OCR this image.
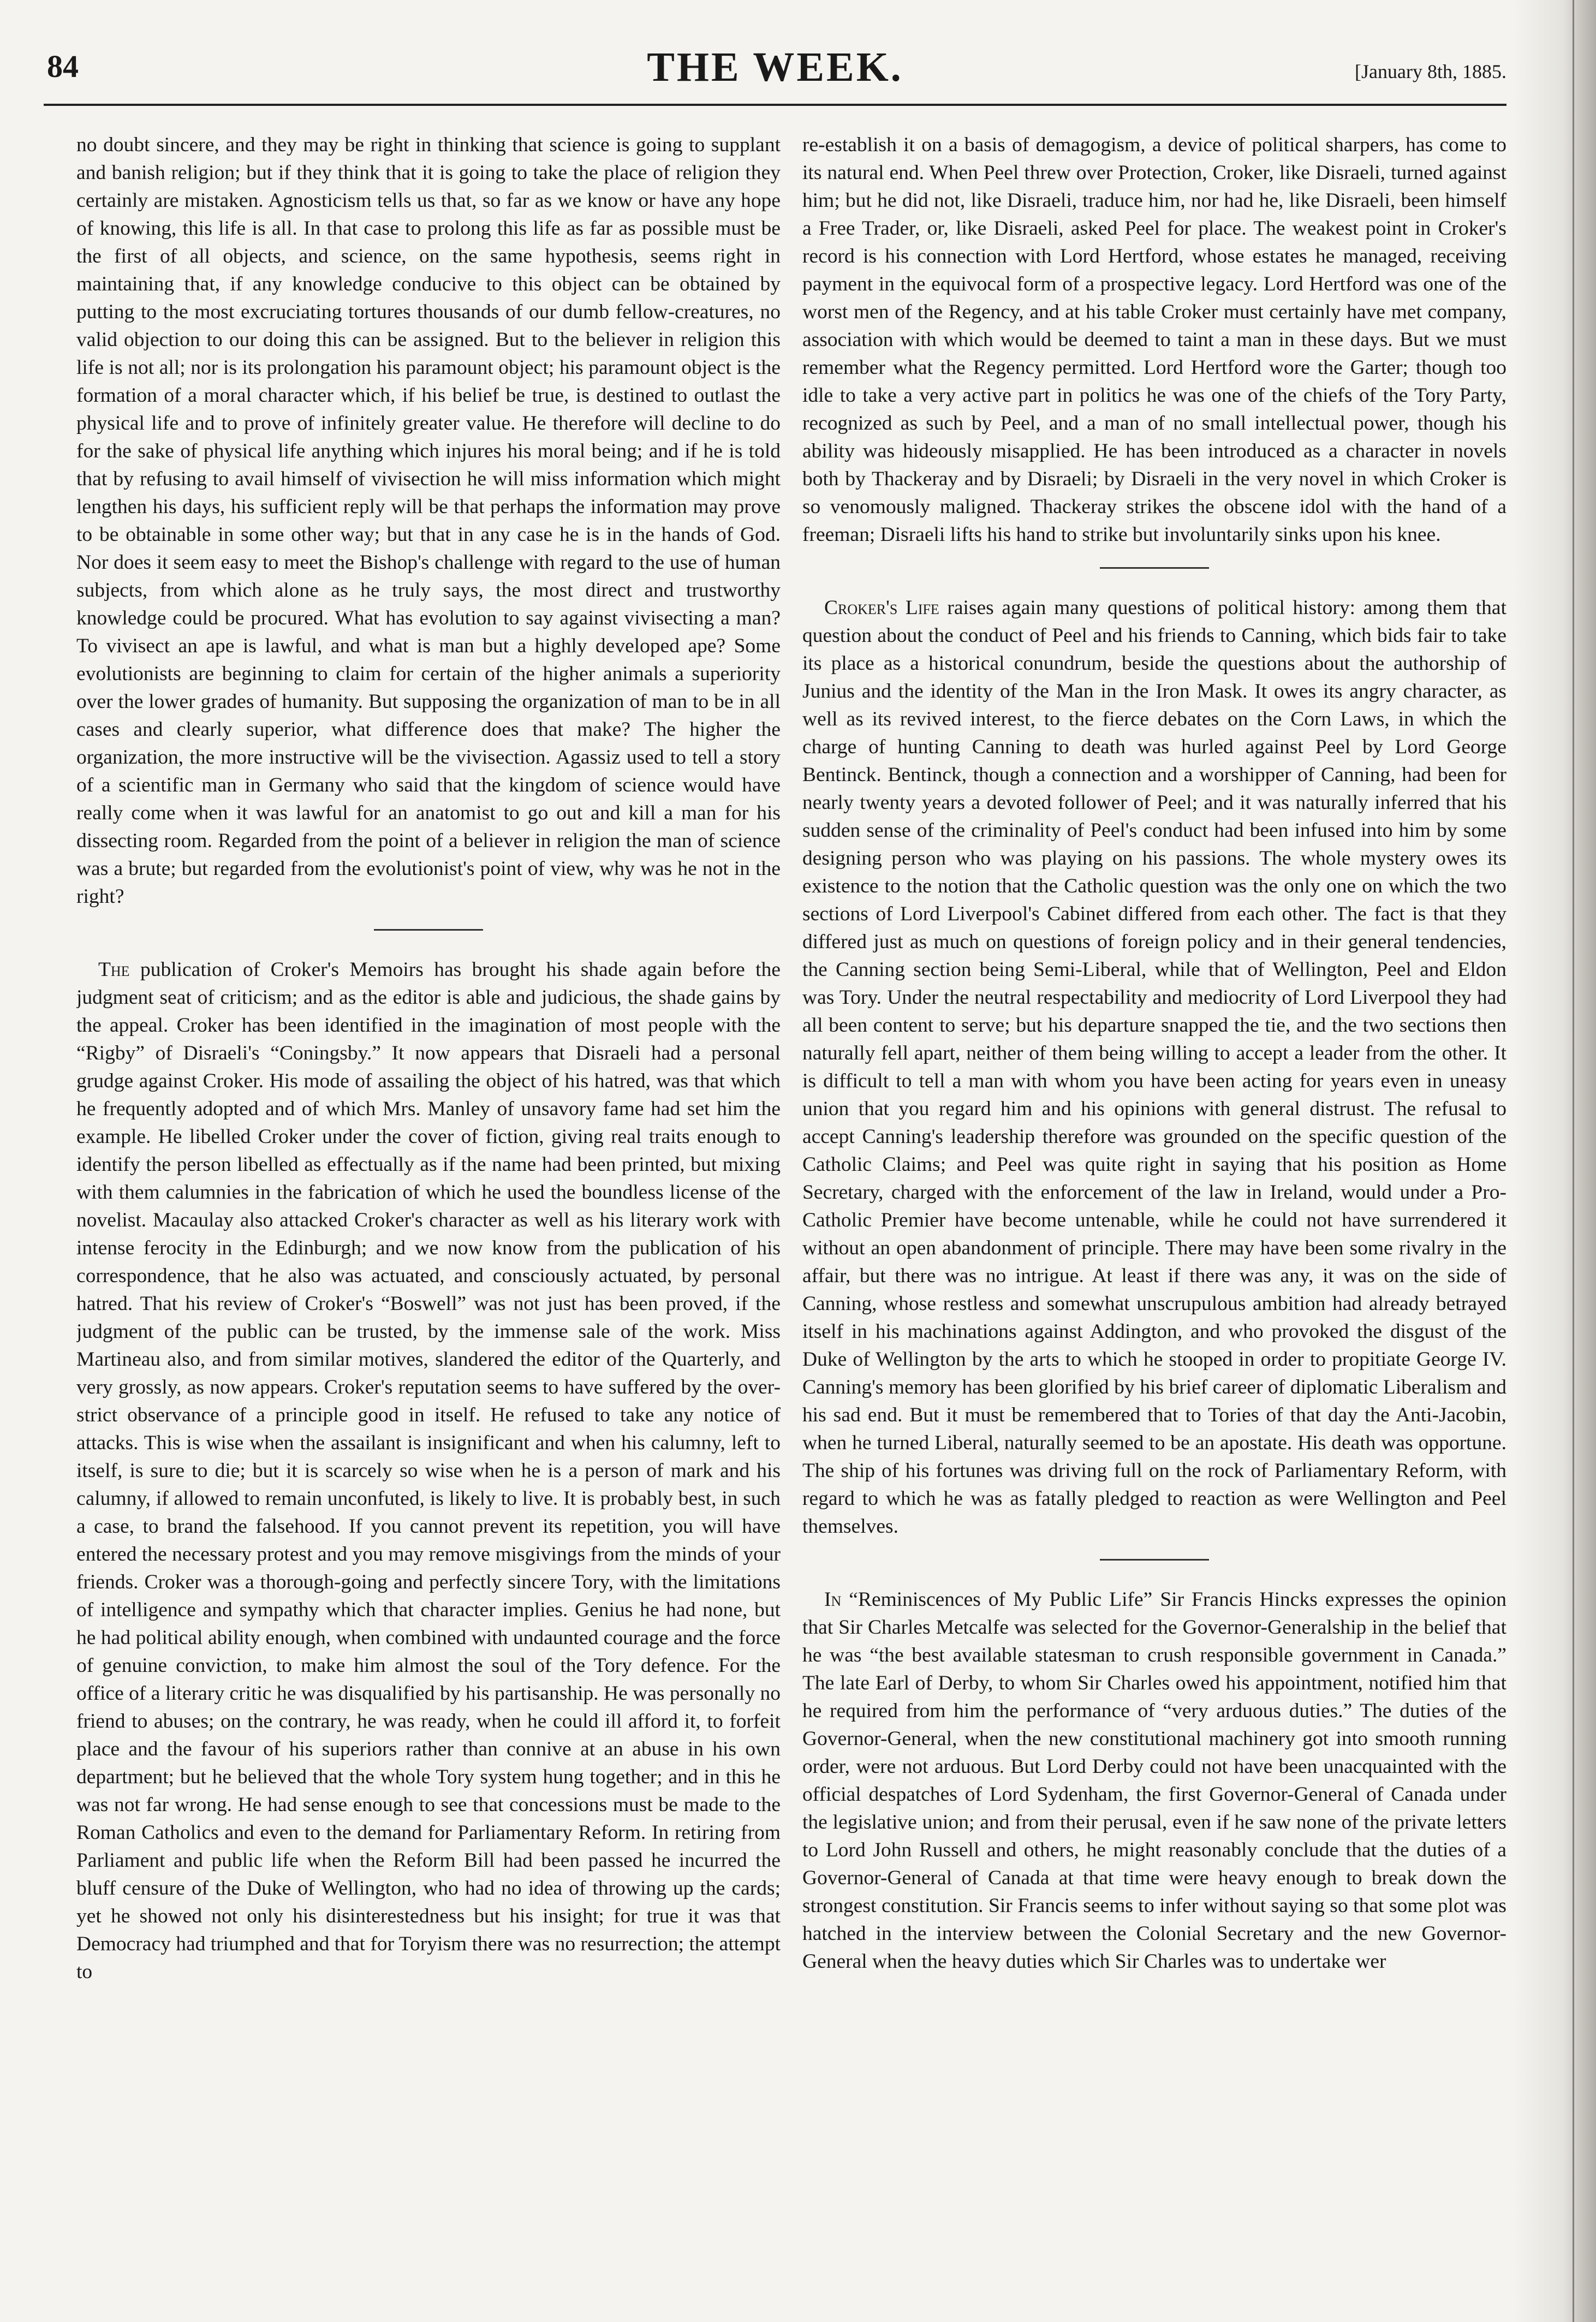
84	THE WEEK.	[January 8th, 1885.

no doubt sincere, and they may be right in thinking that science is going to supplant and banish religion; but if they think that it is going to take the place of religion they certainly are mistaken. Agnosticism tells us that, so far as we know or have any hope of knowing, this life is all. In that case to prolong this life as far as possible must be the first of all objects, and science, on the same hypothesis, seems right in maintaining that, if any knowledge conducive to this object can be obtained by putting to the most excruciating tortures thousands of our dumb fellow-creatures, no valid objection to our doing this can be assigned. But to the believer in religion this life is not all; nor is its prolongation his paramount object; his paramount object is the formation of a moral character which, if his belief be true, is destined to outlast the physical life and to prove of infinitely greater value. He therefore will decline to do for the sake of physical life anything which injures his moral being; and if he is told that by refusing to avail himself of vivisection he will miss information which might lengthen his days, his sufficient reply will be that perhaps the information may prove to be obtainable in some other way; but that in any case he is in the hands of God. Nor does it seem easy to meet the Bishop's challenge with regard to the use of human subjects, from which alone as he truly says, the most direct and trustworthy knowledge could be procured. What has evolution to say against vivisecting a man? To vivisect an ape is lawful, and what is man but a highly developed ape? Some evolutionists are beginning to claim for certain of the higher animals a superiority over the lower grades of humanity. But supposing the organization of man to be in all cases and clearly superior, what difference does that make? The higher the organization, the more instructive will be the vivisection. Agassiz used to tell a story of a scientific man in Germany who said that the kingdom of science would have really come when it was lawful for an anatomist to go out and kill a man for his dissecting room. Regarded from the point of a believer in religion the man of science was a brute; but regarded from the evolutionist's point of view, why was he not in the right?

The publication of Croker's Memoirs has brought his shade again before the judgment seat of criticism; and as the editor is able and judicious, the shade gains by the appeal. Croker has been identified in the imagination of most people with the “Rigby” of Disraeli's “Coningsby.” It now appears that Disraeli had a personal grudge against Croker. His mode of assailing the object of his hatred, was that which he frequently adopted and of which Mrs. Manley of unsavory fame had set him the example. He libelled Croker under the cover of fiction, giving real traits enough to identify the person libelled as effectually as if the name had been printed, but mixing with them calumnies in the fabrication of which he used the boundless license of the novelist. Macaulay also attacked Croker's character as well as his literary work with intense ferocity in the Edinburgh; and we now know from the publication of his correspondence, that he also was actuated, and consciously actuated, by personal hatred. That his review of Croker's “Boswell” was not just has been proved, if the judgment of the public can be trusted, by the immense sale of the work. Miss Martineau also, and from similar motives, slandered the editor of the Quarterly, and very grossly, as now appears. Croker's reputation seems to have suffered by the over-strict observance of a principle good in itself. He refused to take any notice of attacks. This is wise when the assailant is insignificant and when his calumny, left to itself, is sure to die; but it is scarcely so wise when he is a person of mark and his calumny, if allowed to remain unconfuted, is likely to live. It is probably best, in such a case, to brand the falsehood. If you cannot prevent its repetition, you will have entered the necessary protest and you may remove misgivings from the minds of your friends. Croker was a thorough-going and perfectly sincere Tory, with the limitations of intelligence and sympathy which that character implies. Genius he had none, but he had political ability enough, when combined with undaunted courage and the force of genuine conviction, to make him almost the soul of the Tory defence. For the office of a literary critic he was disqualified by his partisanship. He was personally no friend to abuses; on the contrary, he was ready, when he could ill afford it, to forfeit place and the favour of his superiors rather than connive at an abuse in his own department; but he believed that the whole Tory system hung together; and in this he was not far wrong. He had sense enough to see that concessions must be made to the Roman Catholics and even to the demand for Parliamentary Reform. In retiring from Parliament and public life when the Reform Bill had been passed he incurred the bluff censure of the Duke of Wellington, who had no idea of throwing up the cards; yet he showed not only his disinterestedness but his insight; for true it was that Democracy had triumphed and that for Toryism there was no resurrection; the attempt to

re-establish it on a basis of demagogism, a device of political sharpers, has come to its natural end. When Peel threw over Protection, Croker, like Disraeli, turned against him; but he did not, like Disraeli, traduce him, nor had he, like Disraeli, been himself a Free Trader, or, like Disraeli, asked Peel for place. The weakest point in Croker's record is his connection with Lord Hertford, whose estates he managed, receiving payment in the equivocal form of a prospective legacy. Lord Hertford was one of the worst men of the Regency, and at his table Croker must certainly have met company, association with which would be deemed to taint a man in these days. But we must remember what the Regency permitted. Lord Hertford wore the Garter; though too idle to take a very active part in politics he was one of the chiefs of the Tory Party, recognized as such by Peel, and a man of no small intellectual power, though his ability was hideously misapplied. He has been introduced as a character in novels both by Thackeray and by Disraeli; by Disraeli in the very novel in which Croker is so venomously maligned. Thackeray strikes the obscene idol with the hand of a freeman; Disraeli lifts his hand to strike but involuntarily sinks upon his knee.

Croker's Life raises again many questions of political history: among them that question about the conduct of Peel and his friends to Canning, which bids fair to take its place as a historical conundrum, beside the questions about the authorship of Junius and the identity of the Man in the Iron Mask. It owes its angry character, as well as its revived interest, to the fierce debates on the Corn Laws, in which the charge of hunting Canning to death was hurled against Peel by Lord George Bentinck. Bentinck, though a connection and a worshipper of Canning, had been for nearly twenty years a devoted follower of Peel; and it was naturally inferred that his sudden sense of the criminality of Peel's conduct had been infused into him by some designing person who was playing on his passions. The whole mystery owes its existence to the notion that the Catholic question was the only one on which the two sections of Lord Liverpool's Cabinet differed from each other. The fact is that they differed just as much on questions of foreign policy and in their general tendencies, the Canning section being Semi-Liberal, while that of Wellington, Peel and Eldon was Tory. Under the neutral respectability and mediocrity of Lord Liverpool they had all been content to serve; but his departure snapped the tie, and the two sections then naturally fell apart, neither of them being willing to accept a leader from the other. It is difficult to tell a man with whom you have been acting for years even in uneasy union that you regard him and his opinions with general distrust. The refusal to accept Canning's leadership therefore was grounded on the specific question of the Catholic Claims; and Peel was quite right in saying that his position as Home Secretary, charged with the enforcement of the law in Ireland, would under a Pro-Catholic Premier have become untenable, while he could not have surrendered it without an open abandonment of principle. There may have been some rivalry in the affair, but there was no intrigue. At least if there was any, it was on the side of Canning, whose restless and somewhat unscrupulous ambition had already betrayed itself in his machinations against Addington, and who provoked the disgust of the Duke of Wellington by the arts to which he stooped in order to propitiate George IV. Canning's memory has been glorified by his brief career of diplomatic Liberalism and his sad end. But it must be remembered that to Tories of that day the Anti-Jacobin, when he turned Liberal, naturally seemed to be an apostate. His death was opportune. The ship of his fortunes was driving full on the rock of Parliamentary Reform, with regard to which he was as fatally pledged to reaction as were Wellington and Peel themselves.

In “Reminiscences of My Public Life” Sir Francis Hincks expresses the opinion that Sir Charles Metcalfe was selected for the Governor-Generalship in the belief that he was “the best available statesman to crush responsible government in Canada.” The late Earl of Derby, to whom Sir Charles owed his appointment, notified him that he required from him the performance of “very arduous duties.” The duties of the Governor-General, when the new constitutional machinery got into smooth running order, were not arduous. But Lord Derby could not have been unacquainted with the official despatches of Lord Sydenham, the first Governor-General of Canada under the legislative union; and from their perusal, even if he saw none of the private letters to Lord John Russell and others, he might reasonably conclude that the duties of a Governor-General of Canada at that time were heavy enough to break down the strongest constitution. Sir Francis seems to infer without saying so that some plot was hatched in the interview between the Colonial Secretary and the new Governor-General when the heavy duties which Sir Charles was to undertake wer
